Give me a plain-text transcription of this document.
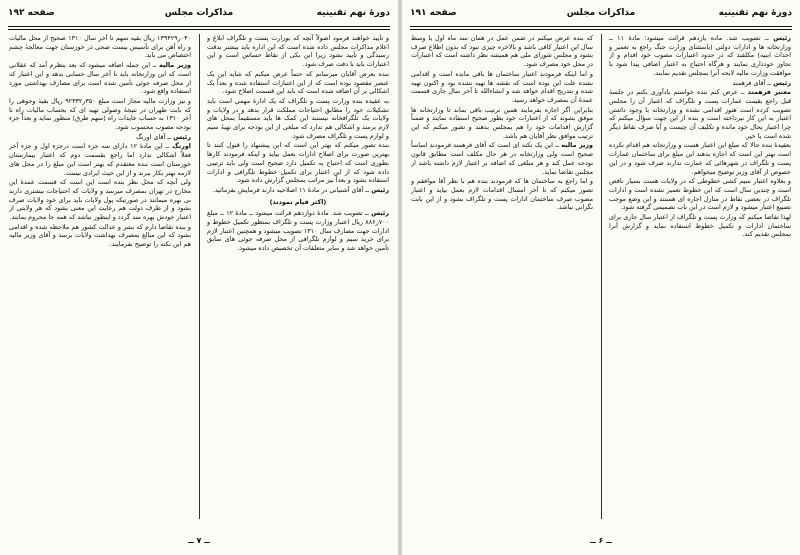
دورهٔ نهم تقنینیه
مذاکرات مجلس
صفحه ۱۹۲

و تأیید خواهند فرمود اصولاً آنچه که بوزارت پست و تلگراف ابلاغ و اعلام مذاکرات مجلس داده شده است که این اداره باید بیشتر بدقت رسیدگی و تأیید بشود زیرا این یکی از نقاط حساس است و این اعتبارات باید با دقت صرف شود.

بنده بعرض آقایان میرسانم که حتماً عرض میکنم که شاید این یک عنصر مقصود بوده است که از این اعتبارات استفاده شده و بعداً یک اشکالی بر آن اضافه شده است که باید این قسمت اصلاح شود.

به عقیده بنده وزارت پست و تلگراف که یک ادارهٔ مهمی است باید تشکیلات خود را مطابق احتیاجات مملکت قرار بدهد و در ولایات و ولایات یک تلگرافخانه نیستند این کمک ها باید مستقیماً بمحل های لازم برسد و اشکالی هم ندارد که مبلغی از این بودجه برای تهیهٔ سیم و لوازم پست و تلگراف مصرف شود.

بنده تصور میکنم که بهتر این است که این پیشنهاد را قبول کنند تا بهترین صورت برای اصلاح ادارات بعمل بیاید و اینکه فرمودند کارها بطوری است که احتیاج به تکمیل دارد صحیح است ولی باید ترتیبی داده شود که از این اعتبار برای تکمیل خطوط تلگرافی و ادارات استفاده بشود و بعداً نیز مراتب بمجلس گزارش داده شود.

رئیس ــ آقای آشتیانی در مادهٔ ۱۱ اصلاحیه دارند فرمایش بفرمائید.

(اکثر قیام نمودند)

رئیس ــ تصویب شد. مادهٔ دوازدهم قرائت میشود ــ مادهٔ ۱۲ ــ مبلغ ۷۰۰ر۸۸۶ ریال اعتبار وزارت پست و تلگراف بمنظور تکمیل خطوط و ادارات جهت مصارف سال ۱۳۱۰ تصویب میشود و همچنین اعتبار لازم برای خرید سیم و لوازم تلگرافی از محل صرفه جوئی های سابق تأمین خواهد شد و سایر متعلقات آن تخصیص داده میشود.

۰۴۰ر۱۳۹۴۲۹ ریال بقیه سهم تا آخر سال ۱۳۱۰ صحیح از محل مالیات و راه آهن برای تأسیس بیست صحی در خوزستان جهت معالجهٔ چشم اختصاص می یابد.

وزیر مالیه ــ این جمله اضافه میشود که بعد بنظرم آمد که عقلانی است که این وزارتخانه باید تا آخر سال حسابی بدهد و این اعتبار که از محل صرفه جوئی تأمین شده است برای مصارف بهداشتی مورد استفاده واقع شود.

و نیز وزارت مالیه مجاز است مبلغ ۳۵۰ر۹۲۳۳۲ ریال بقیهٔ وجوهی را که بابت طهران در نتیجهٔ وصولی تهیه ای که بحساب مالیات راه تا آخر ۱۳۱۰ به حساب عایدات راه (سهم طرق) منظور نماید و بعداً جزء بودجه مصوب محسوب شود.

رئیس ــ آقای اورنگ

اورنگ ــ این مادهٔ ۱۲ دارای سه جزء است درجزء اول و جزء آخر فعلاً اشکالی ندارد اما راجع بقسمت دوم که اعتبار بیمارستان خوزستان است بنده معتقدم که بهتر است این مبلغ را در محل های لازمه بهتر بکار ببرند و از این حیث ایرادی نیست.

ولی آنچه که محل نظر بنده است این است که قسمت عمدهٔ این مخارج در تهران بمصرف میرسد و ولایات که احتیاجات بیشتری دارند بی بهره میمانند در صورتیکه پول ولایات باید برای خود ولایات صرف بشود و از طرف دولت هم رعایت این معنی بشود که هر ولایتی از اعتبار خودش بهره مند گردد و اینطور نباشد که همه جا محروم بمانند.

و بنده تقاضا دارم که بشر و عدالت کشور هم ملاحظه شده و اقدامی بشود که این مبالغ بمصرف بهداشت ولایات برسد و آقای وزیر مالیه هم این نکته را توضیح بفرمایند.

ــ ۷ ــ
دورهٔ نهم تقنینیه
مذاکرات مجلس
صفحه ۱۹۱

رئیس ــ تصویب شد. ماده یازدهم قرائت میشود: مادهٔ ۱۱ ــ وزارتخانه ها و ادارات دولتی (باستثنای وزارت جنگ راجع به تعمیر و احداث ابنیه) مکلفند که در حدود اعتبارات مصوب خود اقدام و از تجاوز خودداری نمایند و هرگاه احتیاج به اعتبار اضافی پیدا شود با موافقت وزارت مالیه لایحه آنرا بمجلس تقدیم نمایند.

رئیس ــ آقای فرهمند

معتبر فرهمند ــ عرض کنم بنده خواستم یادآوری بکنم در جلسهٔ قبل راجع بقیمت عمارات پست و تلگراف که اعتبار آن را مجلس تصویب کرده است هنوز اقدامی نشده و وزارتخانه با وجود داشتن اعتبار به این کار نپرداخته است و بنده از این جهت سؤال میکنم که چرا اعتبار بحال خود مانده و تکلیف آن چیست و آیا صرف نقاط دیگر شده است یا خیر.

بعقیدهٔ بنده حالا که مبلغ این اعتبار هست و وزارتخانه هم اقدام نکرده است بهتر این است که اجازه بدهند این مبلغ برای ساختمان عمارات پست و تلگراف در شهرهائی که عمارت ندارند صرف شود و در این خصوص از آقای وزیر توضیح میخواهم.

و بعلاوه اعتبار سیم کشی خطوطی که در ولایات هست بسیار ناقص است و چندین سال است که این خطوط تعمیر نشده است و ادارات تلگراف در بعضی نقاط در منازل اجاره ای هستند و این وضع موجب تضییع اعتبار میشود و لازم است در این باب تصمیمی گرفته شود.

لهذا تقاضا میکنم که وزارت پست و تلگراف از اعتبار سال جاری برای ساختمان ادارات و تکمیل خطوط استفاده نماید و گزارش آنرا بمجلس تقدیم کند.

که بنده عرض میکنم در ضمن عمل در همان سه ماه اول یا وسط سال این اعتبار کافی باشد و بالاخره چیزی نبود که بدون اطلاع صرف بشود و مجلس شورای ملی هم همیشه نظر داشته است که اعتبارات در محل خود مصرف شود.

و اما اینکه فرمودند اعتبار ساختمان ها باقی مانده است و اقدامی نشده علت این بوده است که نقشه ها تهیه نشده بود و اکنون تهیه شده و بتدریج اقدام خواهد شد و انشاءالله تا آخر سال جاری قسمت عمدهٔ آن بمصرف خواهد رسید.

بنابراین اگر اجازه بفرمایند همین ترتیب باقی بماند تا وزارتخانه ها موفق بشوند که از اعتبارات خود بطور صحیح استفاده نمایند و ضمناً گزارش اقدامات خود را هم بمجلس بدهند و تصور میکنم که این ترتیب موافق نظر آقایان هم باشد.

وزیر مالیه ــ این یک نکته ای است که آقای فرهمند فرمودند اساساً صحیح است ولی وزارتخانه در هر حال مکلف است مطابق قانون بودجه عمل کند و هر مبلغی که اضافه بر اعتبار لازم داشته باشد از مجلس تقاضا نماید.

و اما راجع به ساختمان ها که فرمودند بنده هم با نظر آقا موافقم و تصور میکنم که تا آخر امسال اقدامات لازم بعمل بیاید و اعتبار مصوب صرف ساختمان ادارات پست و تلگراف بشود و از این بابت نگرانی نباشد.

ــ ۶ ــ
